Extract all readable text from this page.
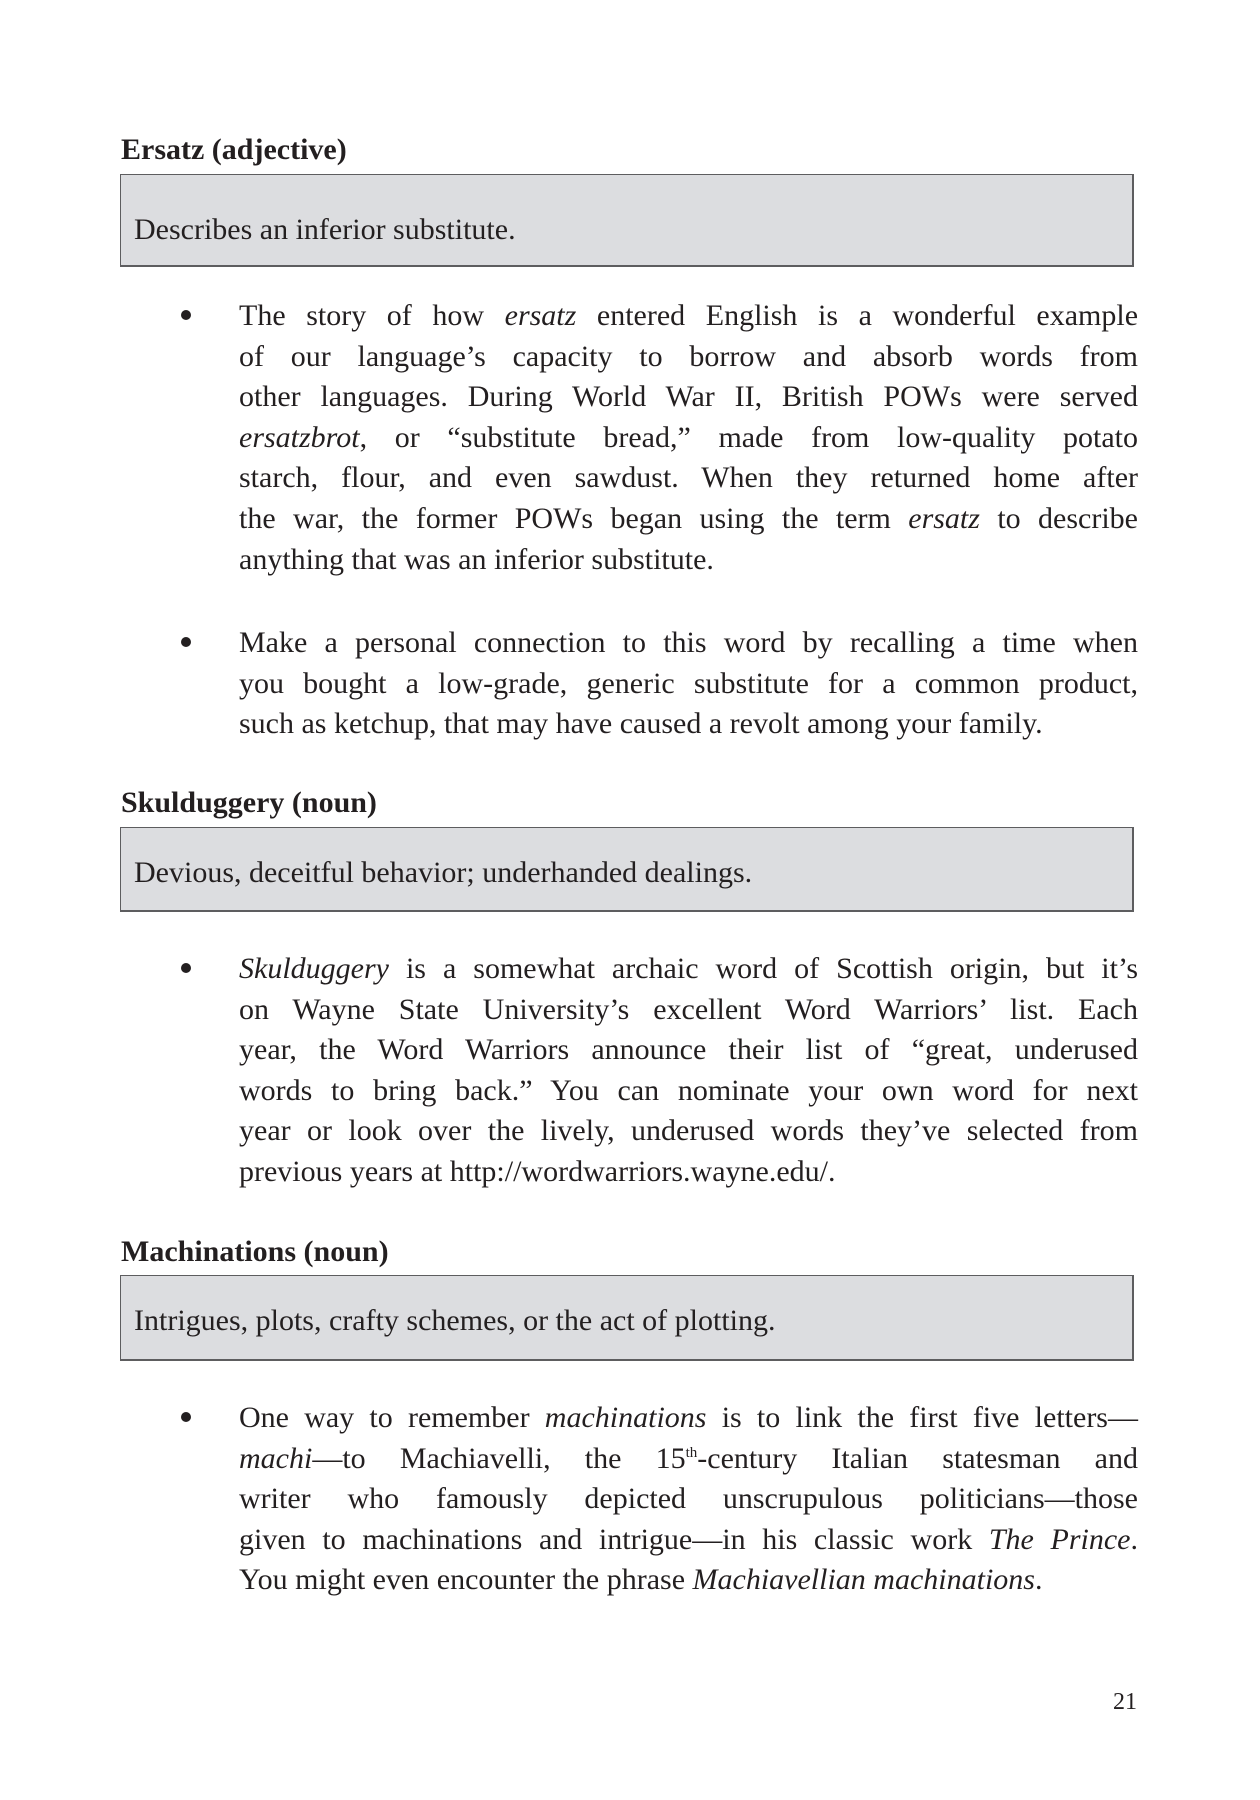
Ersatz (adjective)
Describes an inferior substitute.
The story of how ersatz entered English is a wonderful example
of our language’s capacity to borrow and absorb words from
other languages. During World War II, British POWs were served
ersatzbrot, or “substitute bread,” made from low-quality potato
starch, flour, and even sawdust. When they returned home after
the war, the former POWs began using the term ersatz to describe
anything that was an inferior substitute.
Make a personal connection to this word by recalling a time when
you bought a low-grade, generic substitute for a common product,
such as ketchup, that may have caused a revolt among your family.
Skulduggery (noun)
Devious, deceitful behavior; underhanded dealings.
Skulduggery is a somewhat archaic word of Scottish origin, but it’s
on Wayne State University’s excellent Word Warriors’ list. Each
year, the Word Warriors announce their list of “great, underused
words to bring back.” You can nominate your own word for next
year or look over the lively, underused words they’ve selected from
previous years at http://wordwarriors.wayne.edu/.
Machinations (noun)
Intrigues, plots, crafty schemes, or the act of plotting.
One way to remember machinations is to link the first five letters—
machi—to Machiavelli, the 15th-century Italian statesman and
writer who famously depicted unscrupulous politicians—those
given to machinations and intrigue—in his classic work The Prince.
You might even encounter the phrase Machiavellian machinations.
21
